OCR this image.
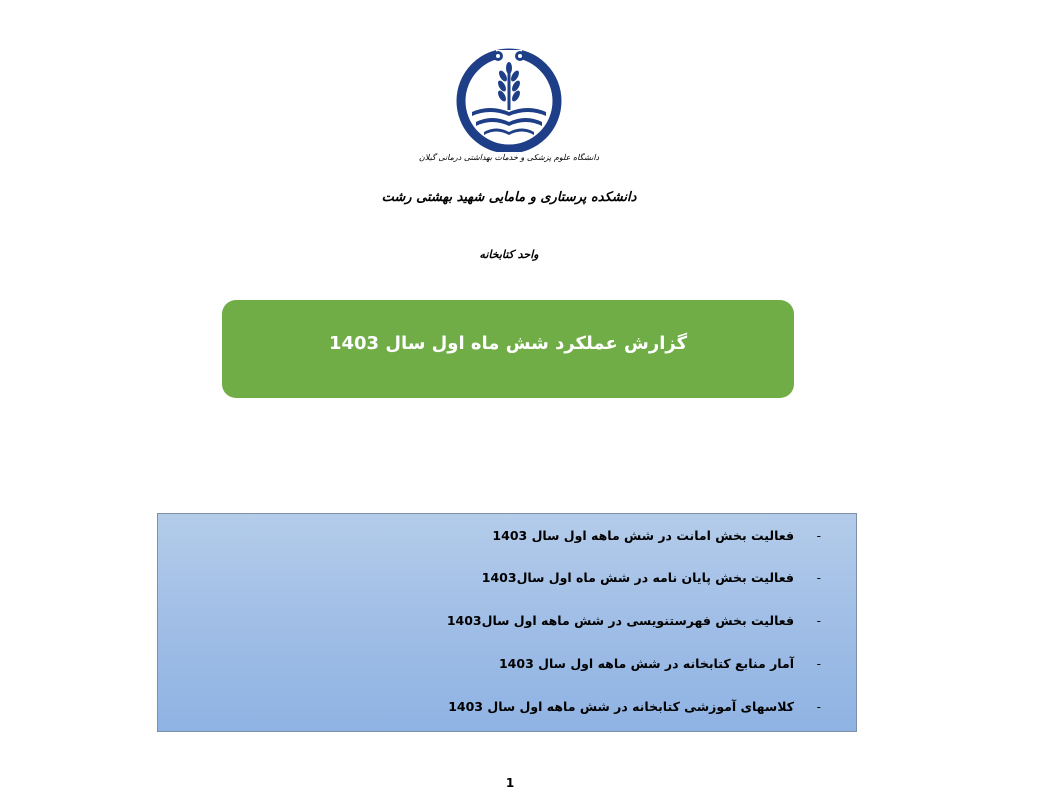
دانشگاه علوم پزشکی و خدمات بهداشتی درمانی گیلان
دانشکده پرستاری و مامایی شهید بهشتی رشت
واحد کتابخانه
گزارش عملکرد شش ماه اول سال 1403
-
فعالیت بخش امانت در شش ماهه اول سال 1403
-
فعالیت بخش پایان نامه در شش ماه اول سال1403
-
فعالیت بخش فهرستنویسی در شش ماهه اول سال1403
-
آمار منابع کتابخانه در شش ماهه اول سال 1403
-
کلاسهای آموزشی کتابخانه در شش ماهه اول سال 1403
1
